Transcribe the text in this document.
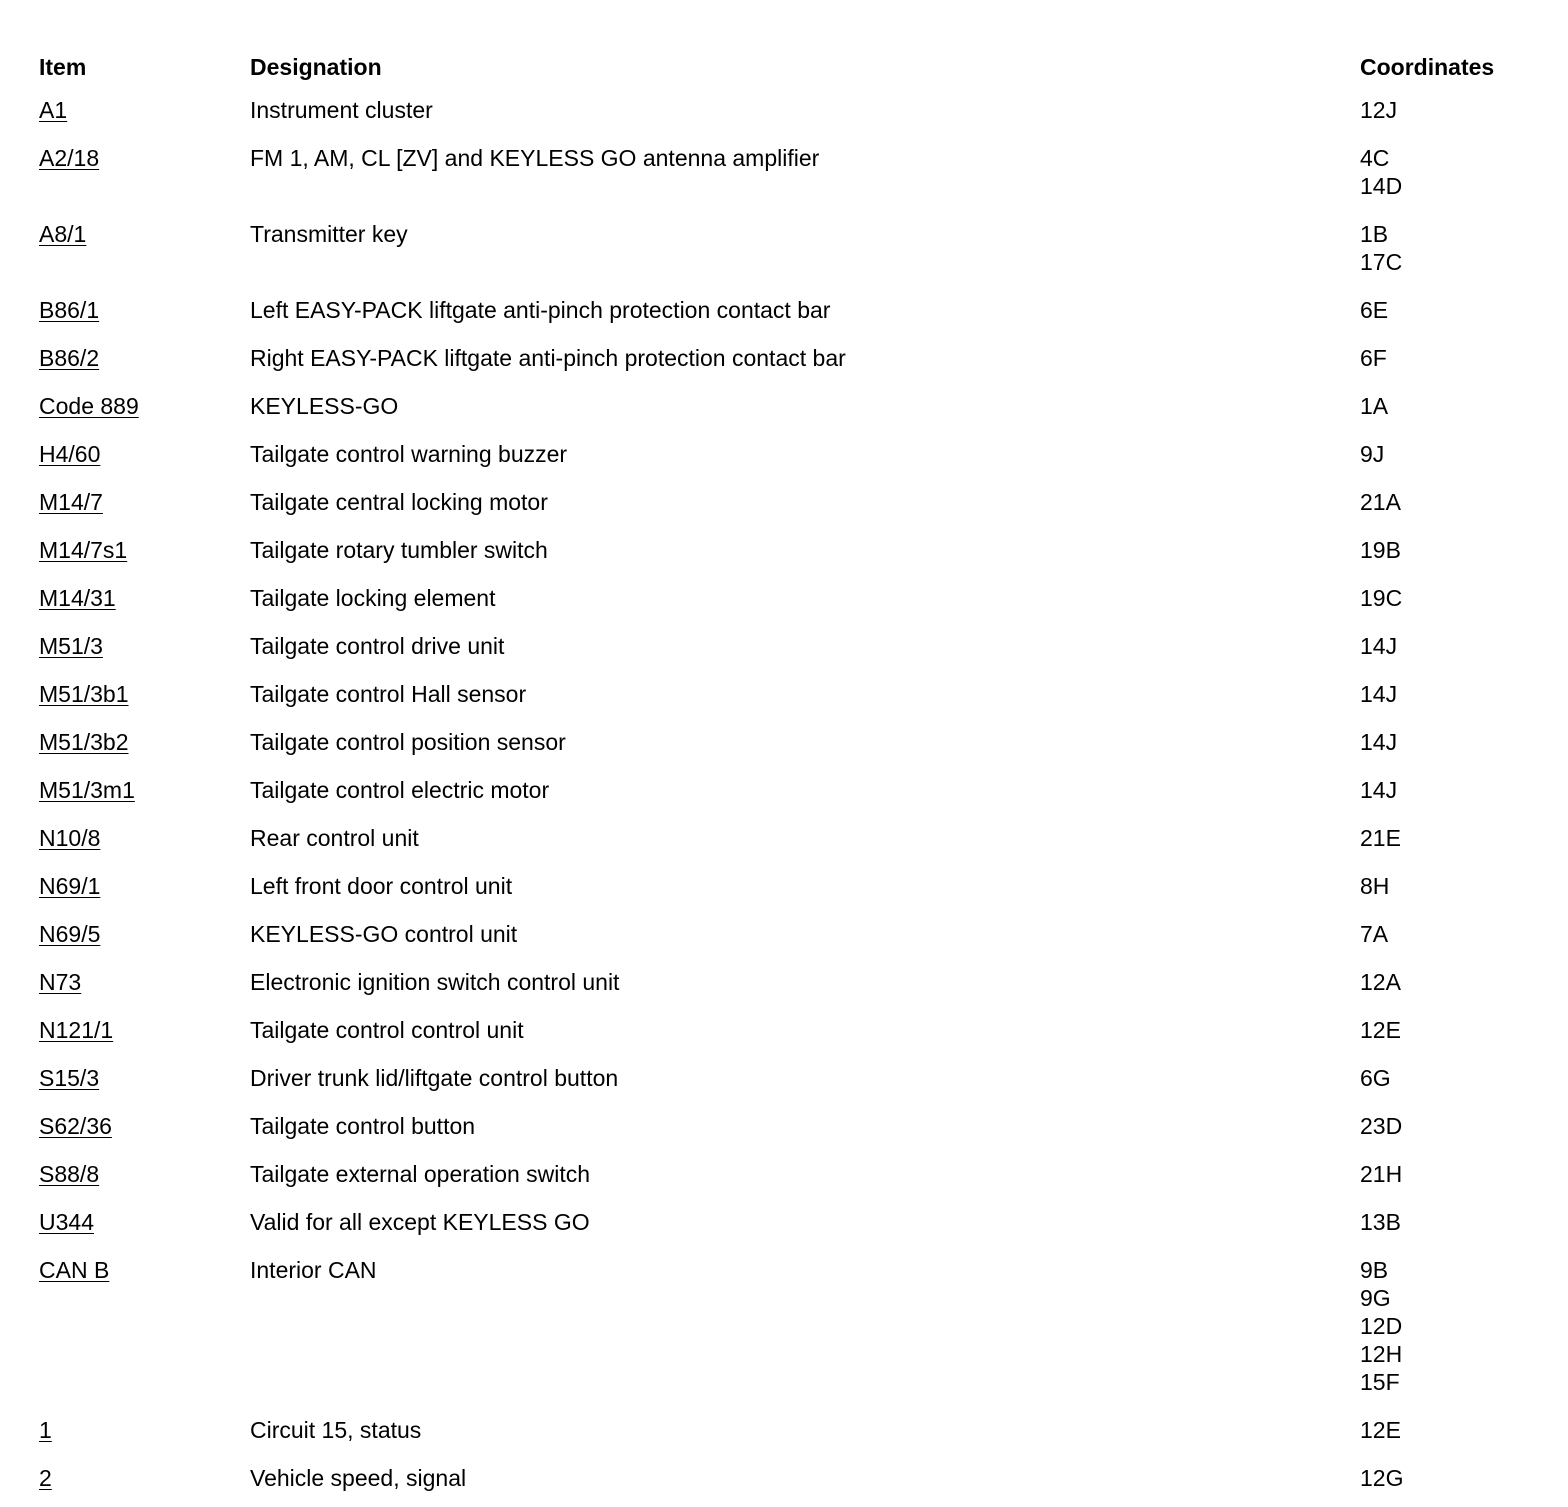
Item	Designation	Coordinates
A1	Instrument cluster	12J
A2/18	FM 1, AM, CL [ZV] and KEYLESS GO antenna amplifier	4C
14D
A8/1	Transmitter key	1B
17C
B86/1	Left EASY-PACK liftgate anti-pinch protection contact bar	6E
B86/2	Right EASY-PACK liftgate anti-pinch protection contact bar	6F
Code 889	KEYLESS-GO	1A
H4/60	Tailgate control warning buzzer	9J
M14/7	Tailgate central locking motor	21A
M14/7s1	Tailgate rotary tumbler switch	19B
M14/31	Tailgate locking element	19C
M51/3	Tailgate control drive unit	14J
M51/3b1	Tailgate control Hall sensor	14J
M51/3b2	Tailgate control position sensor	14J
M51/3m1	Tailgate control electric motor	14J
N10/8	Rear control unit	21E
N69/1	Left front door control unit	8H
N69/5	KEYLESS-GO control unit	7A
N73	Electronic ignition switch control unit	12A
N121/1	Tailgate control control unit	12E
S15/3	Driver trunk lid/liftgate control button	6G
S62/36	Tailgate control button	23D
S88/8	Tailgate external operation switch	21H
U344	Valid for all except KEYLESS GO	13B
CAN B	Interior CAN	9B
9G
12D
12H
15F
1	Circuit 15, status	12E
2	Vehicle speed, signal	12G
